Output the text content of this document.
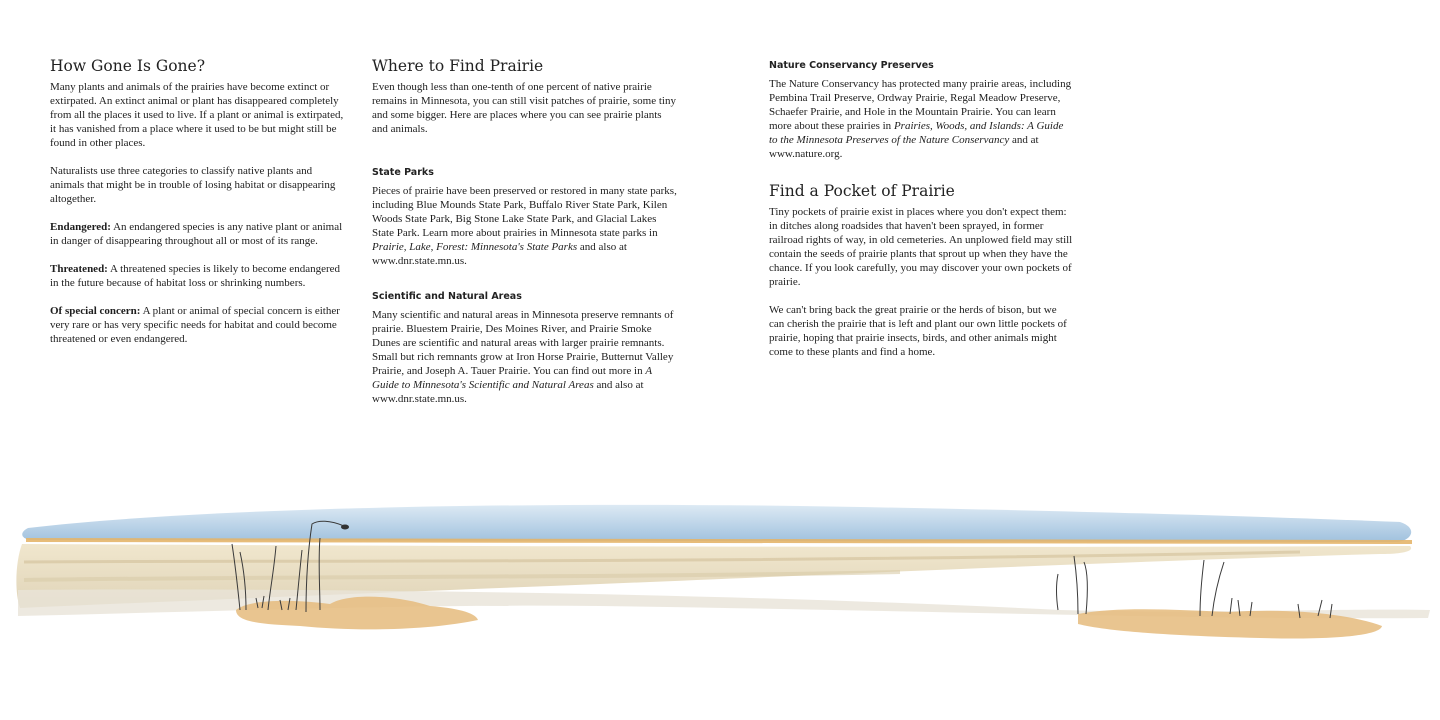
How Gone Is Gone?

Many plants and animals of the prairies have become extinct or extirpated. An extinct animal or plant has disappeared completely from all the places it used to live. If a plant or animal is extirpated, it has vanished from a place where it used to be but might still be found in other places.

Naturalists use three categories to classify native plants and animals that might be in trouble of losing habitat or disappearing altogether.

Endangered: An endangered species is any native plant or animal in danger of disappearing throughout all or most of its range.

Threatened: A threatened species is likely to become endangered in the future because of habitat loss or shrinking numbers.

Of special concern: A plant or animal of special concern is either very rare or has very specific needs for habitat and could become threatened or even endangered.

Where to Find Prairie

Even though less than one-tenth of one percent of native prairie remains in Minnesota, you can still visit patches of prairie, some tiny and some bigger. Here are places where you can see prairie plants and animals.

State Parks

Pieces of prairie have been preserved or restored in many state parks, including Blue Mounds State Park, Buffalo River State Park, Kilen Woods State Park, Big Stone Lake State Park, and Glacial Lakes State Park. Learn more about prairies in Minnesota state parks in Prairie, Lake, Forest: Minnesota's State Parks and also at www.dnr.state.mn.us.

Scientific and Natural Areas

Many scientific and natural areas in Minnesota preserve remnants of prairie. Bluestem Prairie, Des Moines River, and Prairie Smoke Dunes are scientific and natural areas with larger prairie remnants. Small but rich remnants grow at Iron Horse Prairie, Butternut Valley Prairie, and Joseph A. Tauer Prairie. You can find out more in A Guide to Minnesota's Scientific and Natural Areas and also at www.dnr.state.mn.us.

Nature Conservancy Preserves

The Nature Conservancy has protected many prairie areas, including Pembina Trail Preserve, Ordway Prairie, Regal Meadow Preserve, Schaefer Prairie, and Hole in the Mountain Prairie. You can learn more about these prairies in Prairies, Woods, and Islands: A Guide to the Minnesota Preserves of the Nature Conservancy and at www.nature.org.

Find a Pocket of Prairie

Tiny pockets of prairie exist in places where you don't expect them: in ditches along roadsides that haven't been sprayed, in former railroad rights of way, in old cemeteries. An unplowed field may still contain the seeds of prairie plants that sprout up when they have the chance. If you look carefully, you may discover your own pockets of prairie.

We can't bring back the great prairie or the herds of bison, but we can cherish the prairie that is left and plant our own little pockets of prairie, hoping that prairie insects, birds, and other animals might come to these plants and find a home.
